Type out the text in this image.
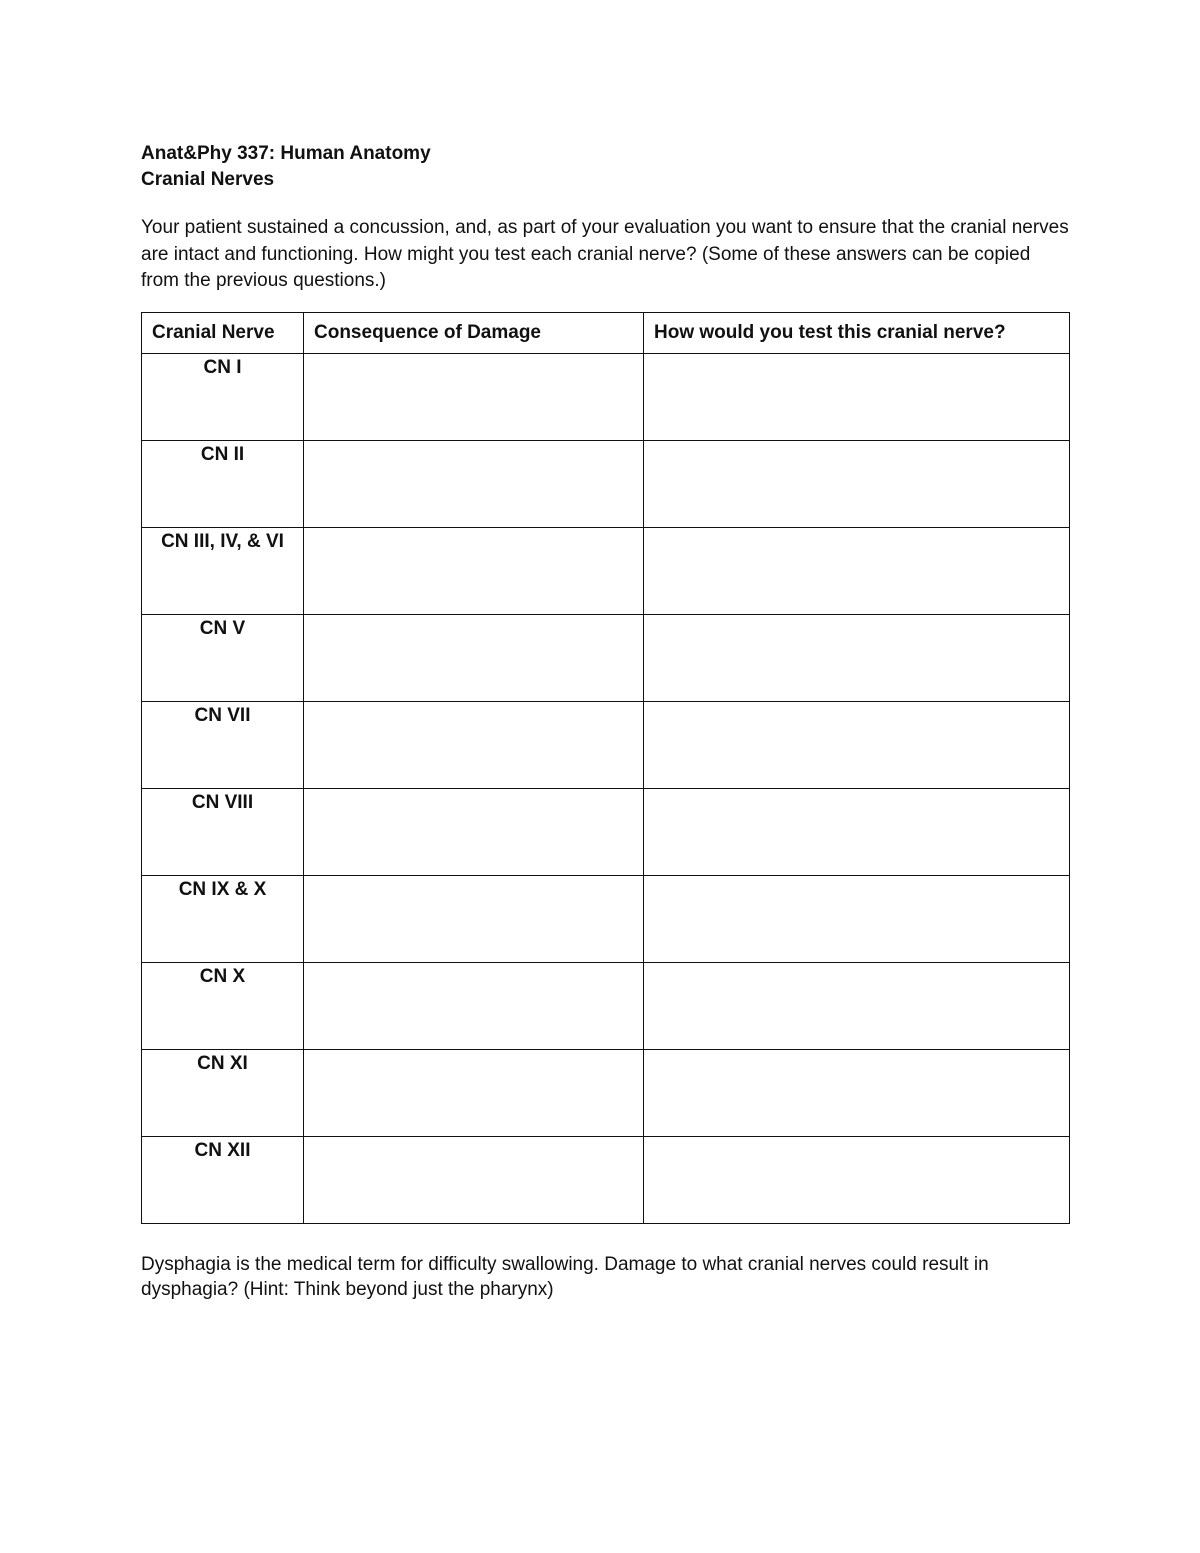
Anat&Phy 337: Human Anatomy
Cranial Nerves
Your patient sustained a concussion, and, as part of your evaluation you want to ensure that the cranial nerves are intact and functioning. How might you test each cranial nerve? (Some of these answers can be copied from the previous questions.)
Cranial Nerve	Consequence of Damage	How would you test this cranial nerve?
CN I		
CN II		
CN III, IV, & VI		
CN V		
CN VII		
CN VIII		
CN IX & X		
CN X		
CN XI		
CN XII		
Dysphagia is the medical term for difficulty swallowing. Damage to what cranial nerves could result in dysphagia? (Hint: Think beyond just the pharynx)
